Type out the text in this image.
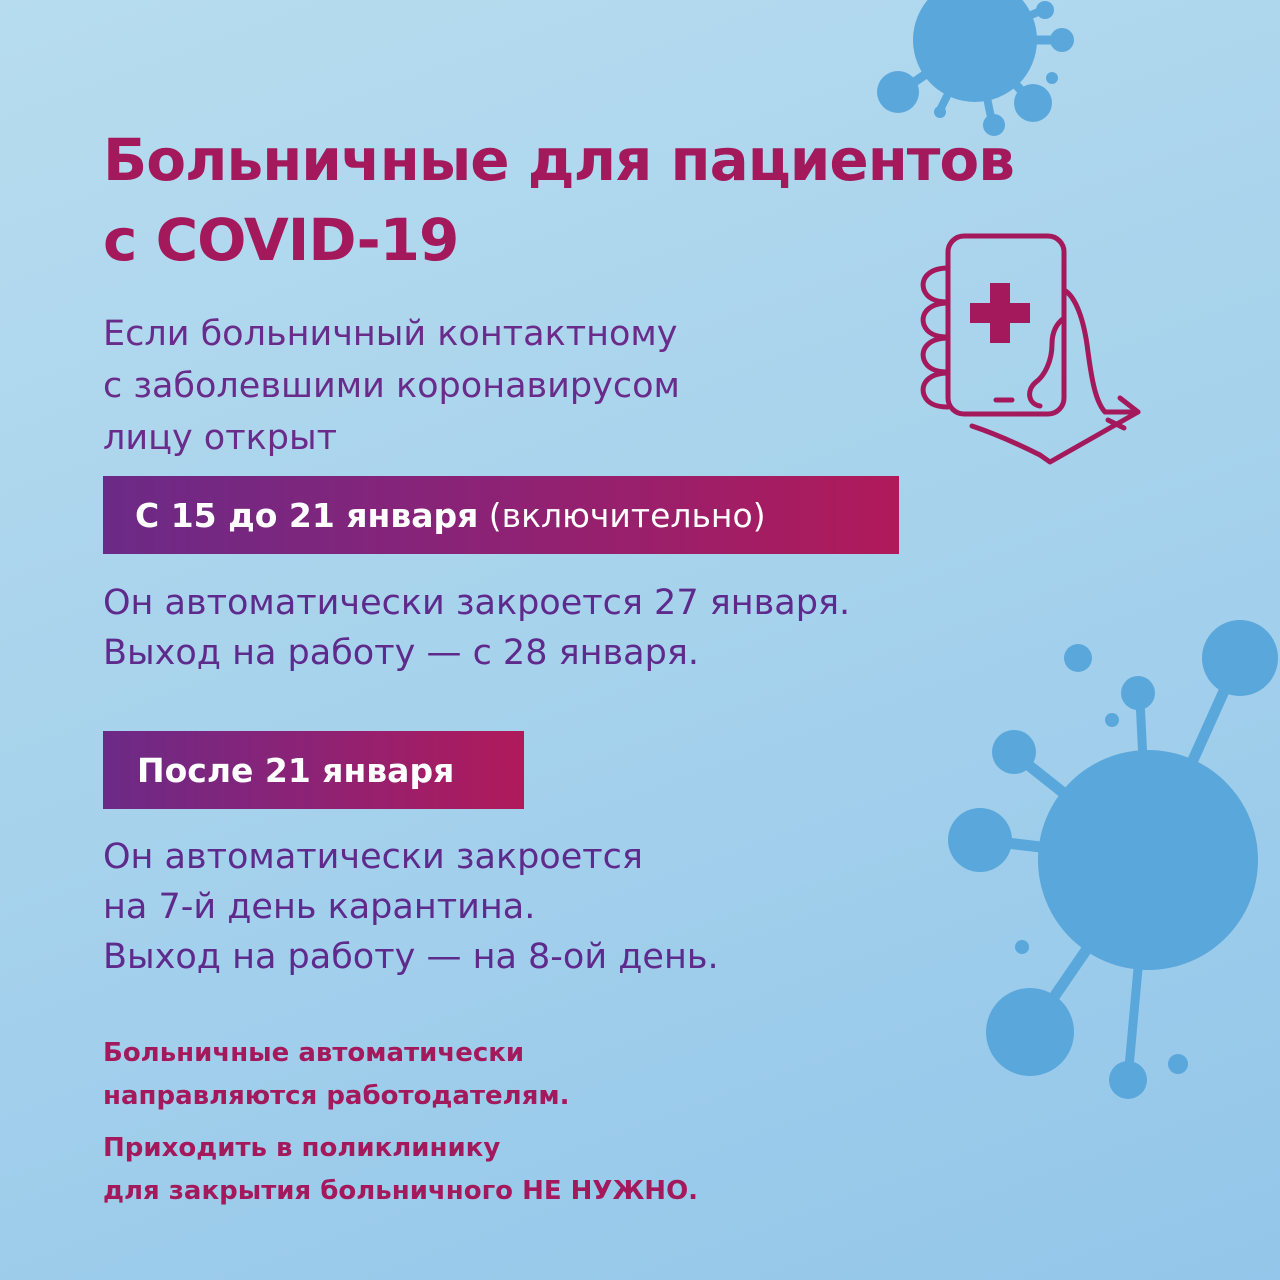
Больничные для пациентов
с COVID-19
Если больничный контактному
с заболевшими коронавирусом
лицу открыт
С 15 до 21 января
(включительно)
Он автоматически закроется 27 января.
Выход на работу — с 28 января.
После 21 января
Он автоматически закроется
на 7-й день карантина.
Выход на работу — на 8-ой день.
Больничные автоматически
направляются работодателям.
Приходить в поликлинику
для закрытия больничного НЕ НУЖНО.
